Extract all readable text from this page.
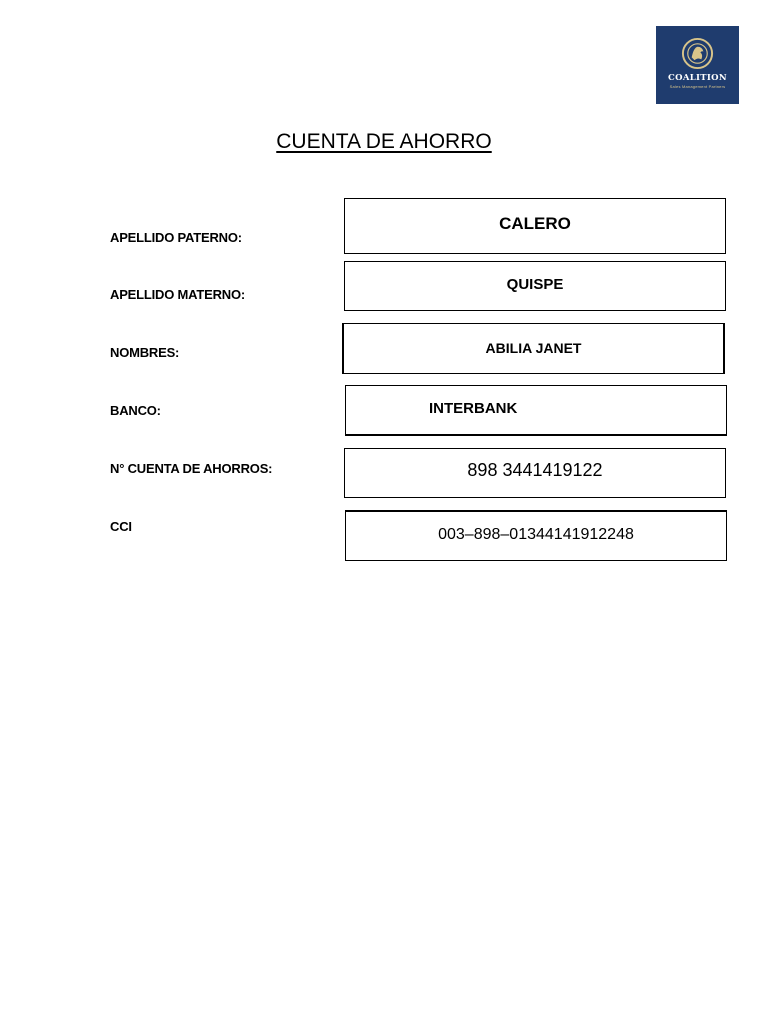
COALITION
Sales Management Partners
CUENTA DE AHORRO
APELLIDO PATERNO:
CALERO
APELLIDO MATERNO:
QUISPE
NOMBRES:	ABILIA JANET
BANCO:	INTERBANK
N° CUENTA DE AHORROS:	898 3441419122
CCI	003–898–01344141912248
